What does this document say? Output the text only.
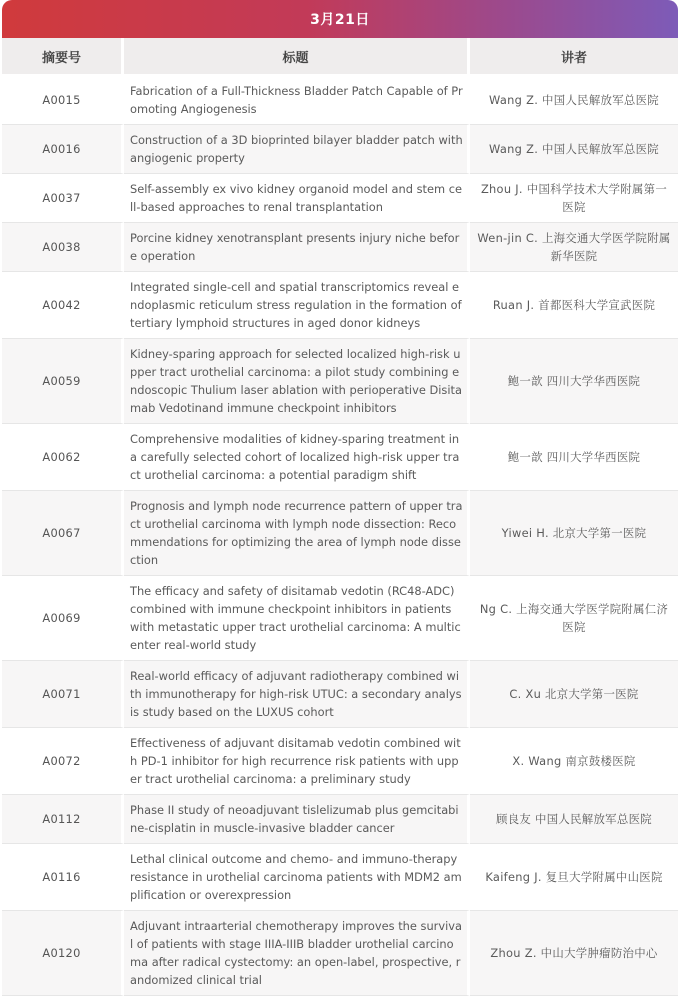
3月21日
摘要号	标题	讲者
A0015	Fabrication of a Full-Thickness Bladder Patch Capable of Promoting Angiogenesis	Wang Z. 中国人民解放军总医院
A0016	Construction of a 3D bioprinted bilayer bladder patch with angiogenic property	Wang Z. 中国人民解放军总医院
A0037	Self-assembly ex vivo kidney organoid model and stem cell-based approaches to renal transplantation	Zhou J. 中国科学技术大学附属第一医院
A0038	Porcine kidney xenotransplant presents injury niche before operation	Wen-jin C. 上海交通大学医学院附属新华医院
A0042	Integrated single-cell and spatial transcriptomics reveal endoplasmic reticulum stress regulation in the formation of tertiary lymphoid structures in aged donor kidneys	Ruan J. 首都医科大学宣武医院
A0059	Kidney-sparing approach for selected localized high-risk upper tract urothelial carcinoma: a pilot study combining endoscopic Thulium laser ablation with perioperative Disitamab Vedotinand immune checkpoint inhibitors	鲍一歆 四川大学华西医院
A0062	Comprehensive modalities of kidney-sparing treatment in a carefully selected cohort of localized high-risk upper tract urothelial carcinoma: a potential paradigm shift	鲍一歆 四川大学华西医院
A0067	Prognosis and lymph node recurrence pattern of upper tract urothelial carcinoma with lymph node dissection: Recommendations for optimizing the area of lymph node dissection	Yiwei H. 北京大学第一医院
A0069	The efficacy and safety of disitamab vedotin (RC48-ADC) combined with immune checkpoint inhibitors in patients with metastatic upper tract urothelial carcinoma: A multicenter real-world study	Ng C. 上海交通大学医学院附属仁济医院
A0071	Real-world efficacy of adjuvant radiotherapy combined with immunotherapy for high-risk UTUC: a secondary analysis study based on the LUXUS cohort	C. Xu 北京大学第一医院
A0072	Effectiveness of adjuvant disitamab vedotin combined with PD-1 inhibitor for high recurrence risk patients with upper tract urothelial carcinoma: a preliminary study	X. Wang 南京鼓楼医院
A0112	Phase II study of neoadjuvant tislelizumab plus gemcitabine-cisplatin in muscle-invasive bladder cancer	顾良友 中国人民解放军总医院
A0116	Lethal clinical outcome and chemo- and immuno-therapy resistance in urothelial carcinoma patients with MDM2 amplification or overexpression	Kaifeng J. 复旦大学附属中山医院
A0120	Adjuvant intraarterial chemotherapy improves the survival of patients with stage IIIA-IIIB bladder urothelial carcinoma after radical cystectomy: an open-label, prospective, randomized clinical trial	Zhou Z. 中山大学肿瘤防治中心
